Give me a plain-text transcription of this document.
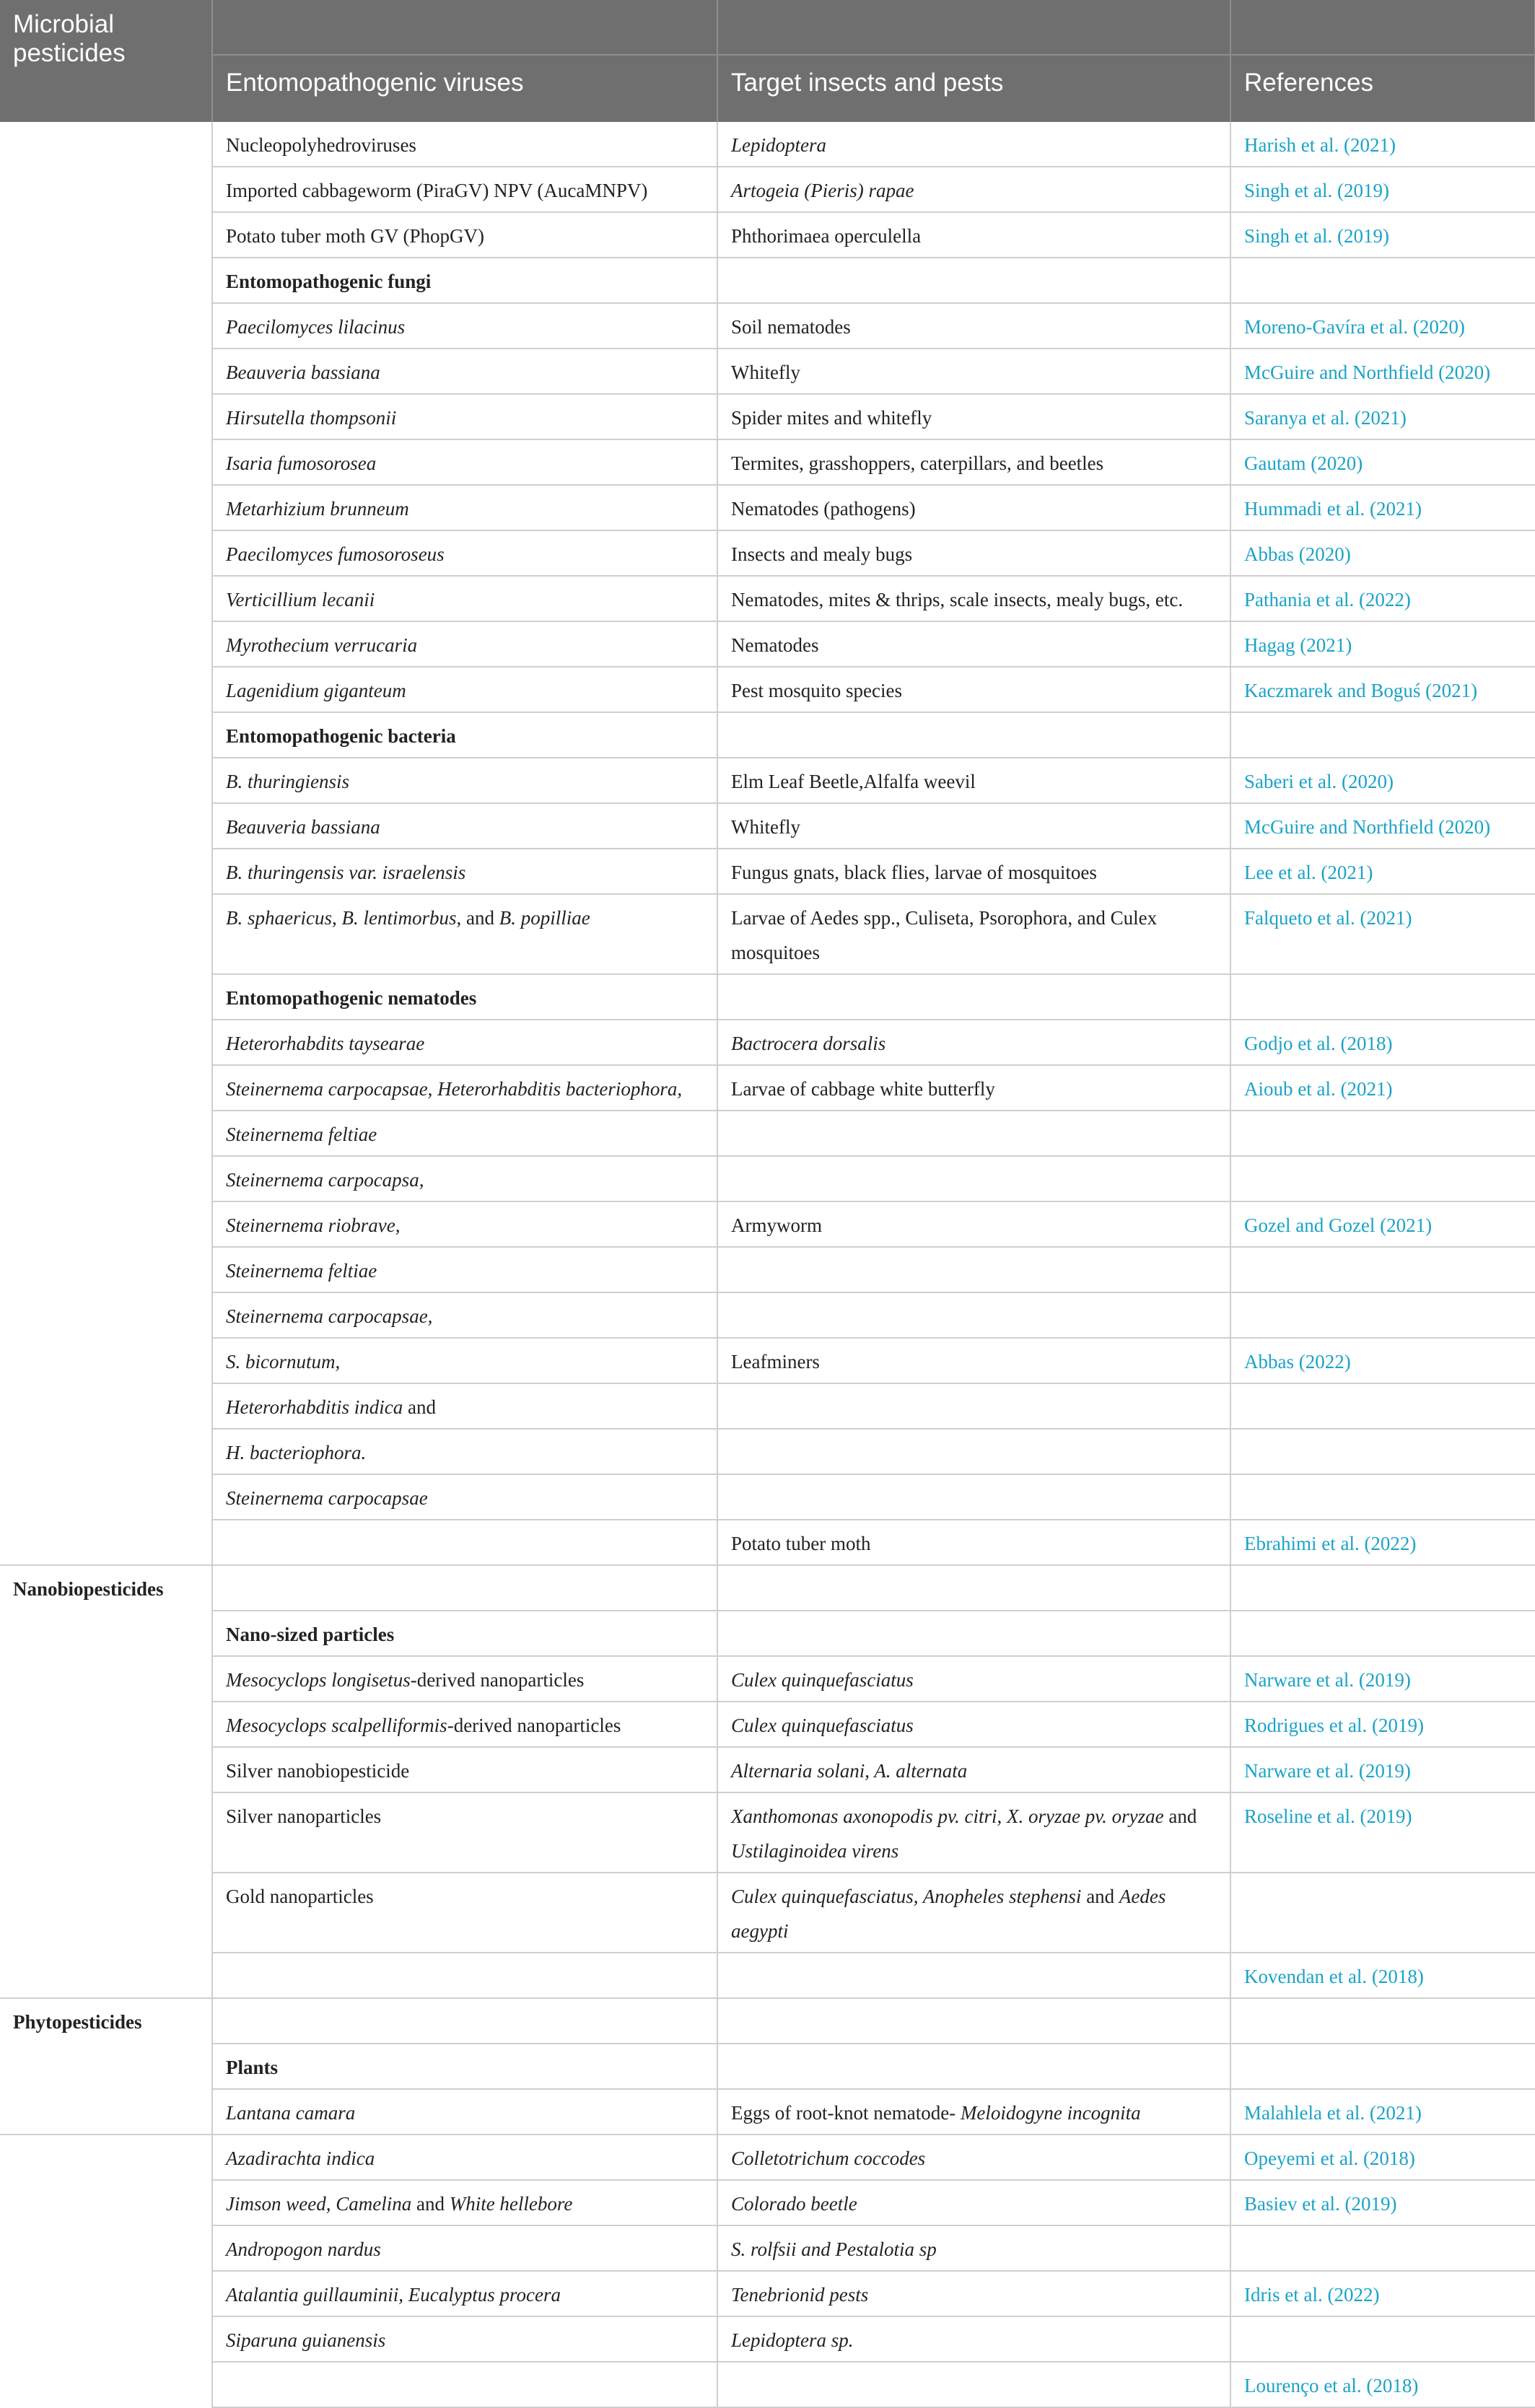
Microbial pesticides			
	Entomopathogenic viruses	Target insects and pests	References
	Nucleopolyhedroviruses	Lepidoptera	Harish et al. (2021)
	Imported cabbageworm (PiraGV) NPV (AucaMNPV)	Artogeia (Pieris) rapae	Singh et al. (2019)
	Potato tuber moth GV (PhopGV)	Phthorimaea operculella	Singh et al. (2019)
	Entomopathogenic fungi		
	Paecilomyces lilacinus	Soil nematodes	Moreno-Gavíra et al. (2020)
	Beauveria bassiana	Whitefly	McGuire and Northfield (2020)
	Hirsutella thompsonii	Spider mites and whitefly	Saranya et al. (2021)
	Isaria fumosorosea	Termites, grasshoppers, caterpillars, and beetles	Gautam (2020)
	Metarhizium brunneum	Nematodes (pathogens)	Hummadi et al. (2021)
	Paecilomyces fumosoroseus	Insects and mealy bugs	Abbas (2020)
	Verticillium lecanii	Nematodes, mites & thrips, scale insects, mealy bugs, etc.	Pathania et al. (2022)
	Myrothecium verrucaria	Nematodes	Hagag (2021)
	Lagenidium giganteum	Pest mosquito species	Kaczmarek and Boguś (2021)
	Entomopathogenic bacteria		
	B. thuringiensis	Elm Leaf Beetle,Alfalfa weevil	Saberi et al. (2020)
	Beauveria bassiana	Whitefly	McGuire and Northfield (2020)
	B. thuringensis var. israelensis	Fungus gnats, black flies, larvae of mosquitoes	Lee et al. (2021)
	B. sphaericus, B. lentimorbus, and B. popilliae	Larvae of Aedes spp., Culiseta, Psorophora, and Culex mosquitoes	Falqueto et al. (2021)
	Entomopathogenic nematodes		
	Heterorhabdits taysearae	Bactrocera dorsalis	Godjo et al. (2018)
	Steinernema carpocapsae, Heterorhabditis bacteriophora,	Larvae of cabbage white butterfly	Aioub et al. (2021)
	Steinernema feltiae		
	Steinernema carpocapsa,		
	Steinernema riobrave,	Armyworm	Gozel and Gozel (2021)
	Steinernema feltiae		
	Steinernema carpocapsae,		
	S. bicornutum,	Leafminers	Abbas (2022)
	Heterorhabditis indica and		
	H. bacteriophora.		
	Steinernema carpocapsae		
		Potato tuber moth	Ebrahimi et al. (2022)
Nanobiopesticides			
	Nano-sized particles		
	Mesocyclops longisetus-derived nanoparticles	Culex quinquefasciatus	Narware et al. (2019)
	Mesocyclops scalpelliformis-derived nanoparticles	Culex quinquefasciatus	Rodrigues et al. (2019)
	Silver nanobiopesticide	Alternaria solani, A. alternata	Narware et al. (2019)
	Silver nanoparticles	Xanthomonas axonopodis pv. citri, X. oryzae pv. oryzae and Ustilaginoidea virens	Roseline et al. (2019)
	Gold nanoparticles	Culex quinquefasciatus, Anopheles stephensi and Aedes aegypti	
			Kovendan et al. (2018)
Phytopesticides			
	Plants		
	Lantana camara	Eggs of root-knot nematode- Meloidogyne incognita	Malahlela et al. (2021)
	Azadirachta indica	Colletotrichum coccodes	Opeyemi et al. (2018)
	Jimson weed, Camelina and White hellebore	Colorado beetle	Basiev et al. (2019)
	Andropogon nardus	S. rolfsii and Pestalotia sp	
	Atalantia guillauminii, Eucalyptus procera	Tenebrionid pests	Idris et al. (2022)
	Siparuna guianensis	Lepidoptera sp.	
			Lourenço et al. (2018)
